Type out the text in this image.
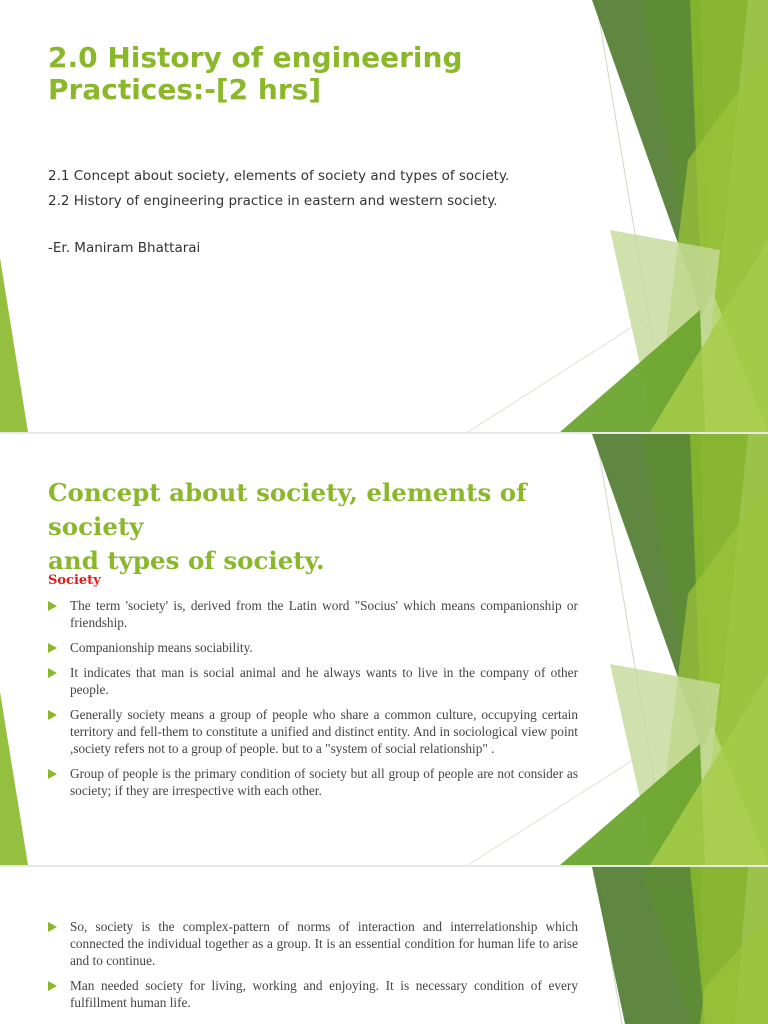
2.0 History of engineering
Practices:-[2 hrs]
2.1 Concept about society, elements of society and types of society.
2.2 History of engineering practice in eastern and western society.
-Er. Maniram Bhattarai
Concept about society, elements of society
and types of society.
Society
The term 'society' is, derived from the Latin word "Socius' which means companionship or friendship.
Companionship means sociability.
It indicates that man is social animal and he always wants to live in the company of other people.
Generally society means a group of people who share a common culture, occupying certain territory and fell-them to constitute a unified and distinct entity. And in sociological view point ,society refers not to a group of people. but to a "system of social relationship" .
Group of people is the primary condition of society but all group of people are not consider as society; if they are irrespective with each other.
So, society is the complex-pattern of norms of interaction and interrelationship which connected the individual together as a group. It is an essential condition for human life to arise and to continue.
Man needed society for living, working and enjoying. It is necessary condition of every fulfillment human life.
